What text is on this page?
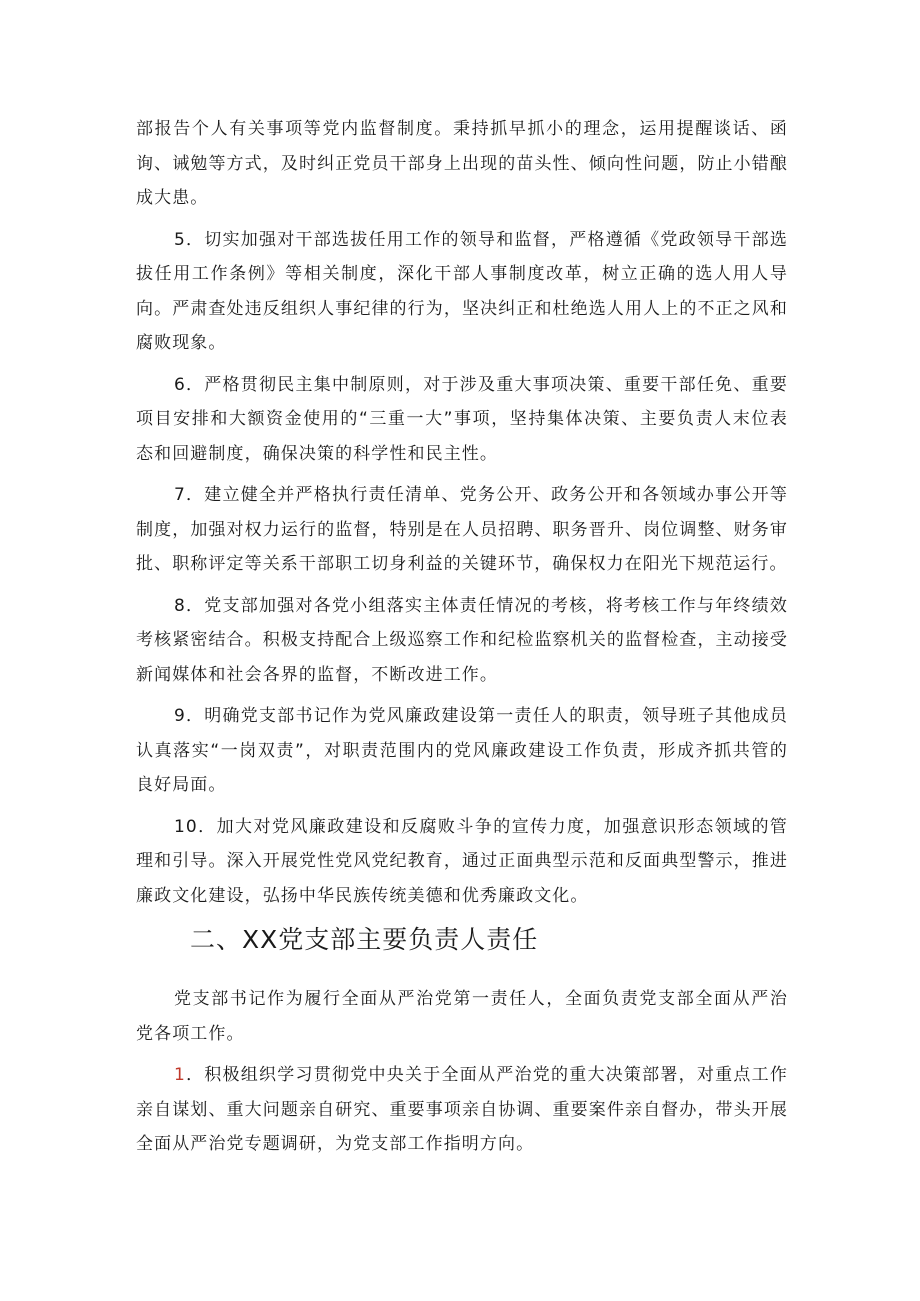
部报告个人有关事项等党内监督制度。秉持抓早抓小的理念，运用提醒谈话、函询、诫勉等方式，及时纠正党员干部身上出现的苗头性、倾向性问题，防止小错酿成大患。

5．切实加强对干部选拔任用工作的领导和监督，严格遵循《党政领导干部选拔任用工作条例》等相关制度，深化干部人事制度改革，树立正确的选人用人导向。严肃查处违反组织人事纪律的行为，坚决纠正和杜绝选人用人上的不正之风和腐败现象。

6．严格贯彻民主集中制原则，对于涉及重大事项决策、重要干部任免、重要项目安排和大额资金使用的“三重一大”事项，坚持集体决策、主要负责人末位表态和回避制度，确保决策的科学性和民主性。

7．建立健全并严格执行责任清单、党务公开、政务公开和各领域办事公开等制度，加强对权力运行的监督，特别是在人员招聘、职务晋升、岗位调整、财务审批、职称评定等关系干部职工切身利益的关键环节，确保权力在阳光下规范运行。

8．党支部加强对各党小组落实主体责任情况的考核，将考核工作与年终绩效考核紧密结合。积极支持配合上级巡察工作和纪检监察机关的监督检查，主动接受新闻媒体和社会各界的监督，不断改进工作。

9．明确党支部书记作为党风廉政建设第一责任人的职责，领导班子其他成员认真落实“一岗双责”，对职责范围内的党风廉政建设工作负责，形成齐抓共管的良好局面。

10．加大对党风廉政建设和反腐败斗争的宣传力度，加强意识形态领域的管理和引导。深入开展党性党风党纪教育，通过正面典型示范和反面典型警示，推进廉政文化建设，弘扬中华民族传统美德和优秀廉政文化。

二、XX党支部主要负责人责任

党支部书记作为履行全面从严治党第一责任人，全面负责党支部全面从严治党各项工作。

1．积极组织学习贯彻党中央关于全面从严治党的重大决策部署，对重点工作亲自谋划、重大问题亲自研究、重要事项亲自协调、重要案件亲自督办，带头开展全面从严治党专题调研，为党支部工作指明方向。
